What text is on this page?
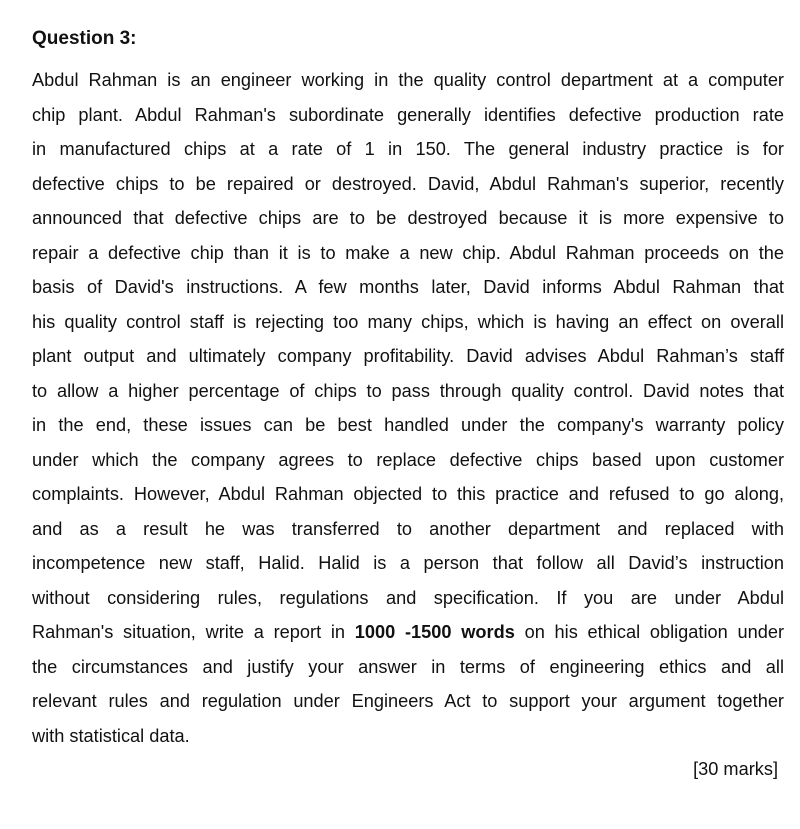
Question 3:
Abdul Rahman is an engineer working in the quality control department at a computer
chip plant. Abdul Rahman's subordinate generally identifies defective production rate
in manufactured chips at a rate of 1 in 150. The general industry practice is for
defective chips to be repaired or destroyed. David, Abdul Rahman's superior, recently
announced that defective chips are to be destroyed because it is more expensive to
repair a defective chip than it is to make a new chip. Abdul Rahman proceeds on the
basis of David's instructions. A few months later, David informs Abdul Rahman that
his quality control staff is rejecting too many chips, which is having an effect on overall
plant output and ultimately company profitability. David advises Abdul Rahman’s staff
to allow a higher percentage of chips to pass through quality control. David notes that
in the end, these issues can be best handled under the company's warranty policy
under which the company agrees to replace defective chips based upon customer
complaints. However, Abdul Rahman objected to this practice and refused to go along,
and as a result he was transferred to another department and replaced with
incompetence new staff, Halid. Halid is a person that follow all David’s instruction
without considering rules, regulations and specification. If you are under Abdul
Rahman's situation, write a report in 1000 -1500 words on his ethical obligation under
the circumstances and justify your answer in terms of engineering ethics and all
relevant rules and regulation under Engineers Act to support your argument together
with statistical data.

[30 marks]
